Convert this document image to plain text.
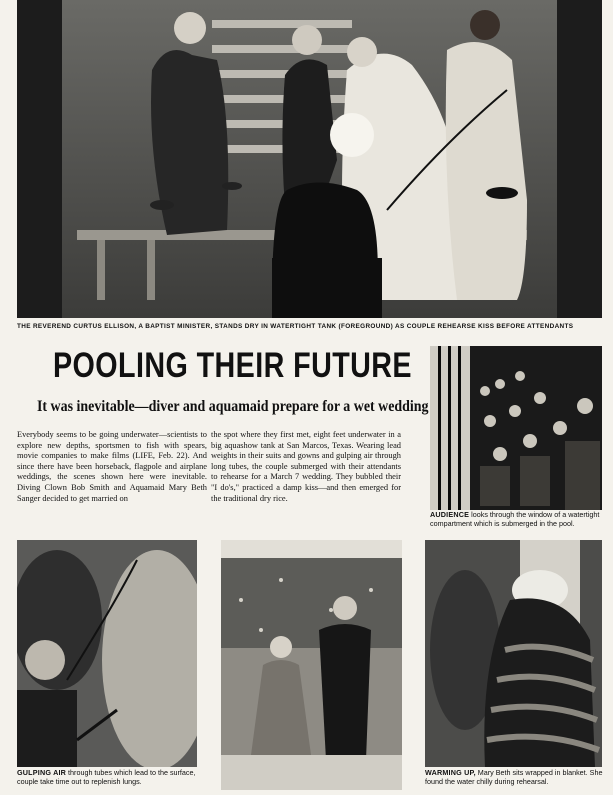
THE REVEREND CURTUS ELLISON, A BAPTIST MINISTER, STANDS DRY IN WATERTIGHT TANK (FOREGROUND) AS COUPLE REHEARSE KISS BEFORE ATTENDANTS
POOLING THEIR FUTURE
It was inevitable—diver and aquamaid prepare for a wet wedding
Everybody seems to be going underwater—scientists to explore new depths, sportsmen to fish with spears, movie companies to make films (LIFE, Feb. 22). And since there have been horseback, flagpole and airplane weddings, the scenes shown here were inevitable. Diving Clown Bob Smith and Aquamaid Mary Beth Sanger decided to get married on
the spot where they first met, eight feet underwater in a big aquashow tank at San Marcos, Texas. Wearing lead weights in their suits and gowns and gulping air through long tubes, the couple submerged with their attendants to rehearse for a March 7 wedding. They bubbled their "I do's," practiced a damp kiss—and then emerged for the traditional dry rice.
AUDIENCE looks through the window of a watertight compartment which is submerged in the pool.
GULPING AIR through tubes which lead to the surface, couple take time out to replenish lungs.
WARMING UP, Mary Beth sits wrapped in blanket. She found the water chilly during rehearsal.
